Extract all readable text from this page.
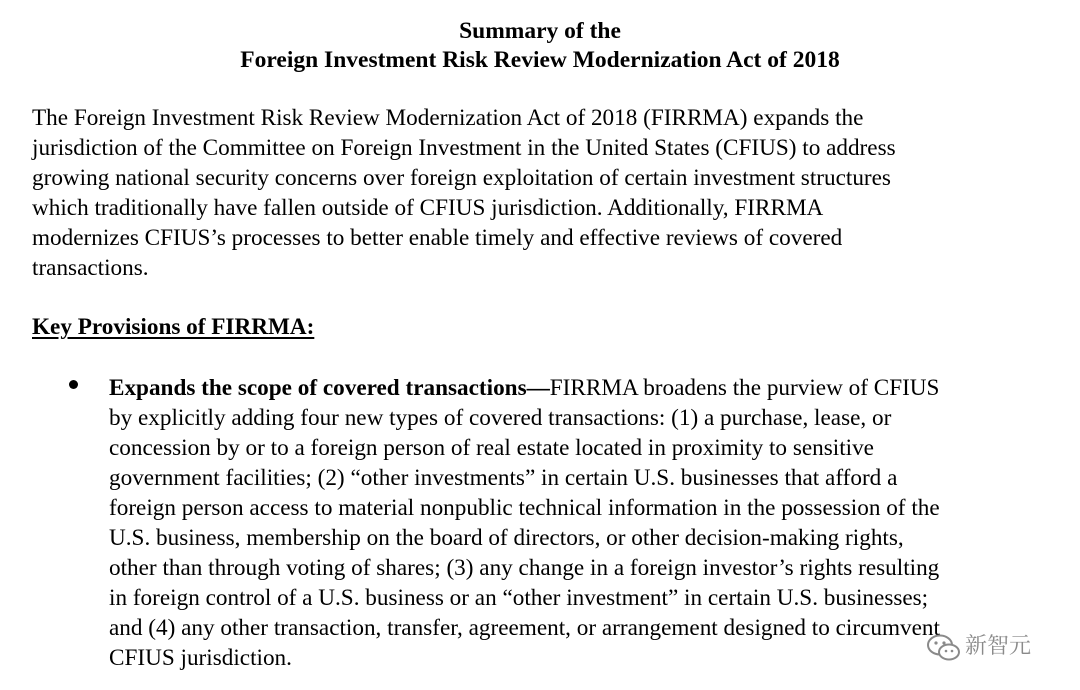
Summary of the
Foreign Investment Risk Review Modernization Act of 2018
The Foreign Investment Risk Review Modernization Act of 2018 (FIRRMA) expands the
jurisdiction of the Committee on Foreign Investment in the United States (CFIUS) to address
growing national security concerns over foreign exploitation of certain investment structures
which traditionally have fallen outside of CFIUS jurisdiction. Additionally, FIRRMA
modernizes CFIUS’s processes to better enable timely and effective reviews of covered
transactions.
Key Provisions of FIRRMA:
Expands the scope of covered transactions—FIRRMA broadens the purview of CFIUS
by explicitly adding four new types of covered transactions: (1) a purchase, lease, or
concession by or to a foreign person of real estate located in proximity to sensitive
government facilities; (2) “other investments” in certain U.S. businesses that afford a
foreign person access to material nonpublic technical information in the possession of the
U.S. business, membership on the board of directors, or other decision-making rights,
other than through voting of shares; (3) any change in a foreign investor’s rights resulting
in foreign control of a U.S. business or an “other investment” in certain U.S. businesses;
and (4) any other transaction, transfer, agreement, or arrangement designed to circumvent
CFIUS jurisdiction.	新智元
